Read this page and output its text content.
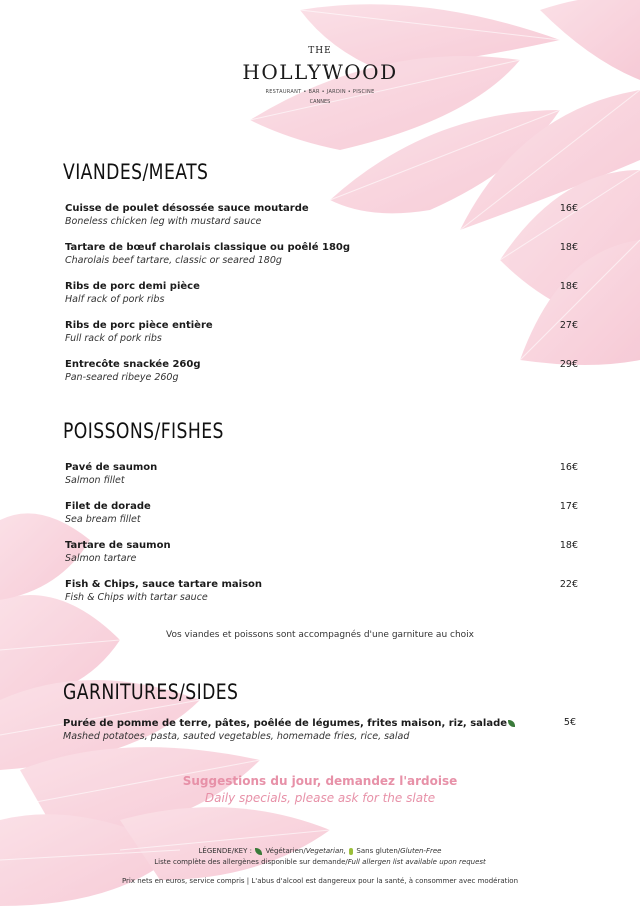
THE
HOLLYWOOD
RESTAURANT • BAR • JARDIN • PISCINE
CANNES
VIANDES/MEATS
Cuisse de poulet désossée sauce moutarde
Boneless chicken leg with mustard sauce
16€
Tartare de bœuf charolais classique ou poêlé 180g
Charolais beef tartare, classic or seared 180g
18€
Ribs de porc demi pièce
Half rack of pork ribs
18€
Ribs de porc pièce entière
Full rack of pork ribs
27€
Entrecôte snackée 260g
Pan-seared ribeye 260g
29€
POISSONS/FISHES
Pavé de saumon
Salmon fillet
16€
Filet de dorade
Sea bream fillet
17€
Tartare de saumon
Salmon tartare
18€
Fish & Chips, sauce tartare maison
Fish & Chips with tartar sauce
22€
Vos viandes et poissons sont accompagnés d'une garniture au choix
GARNITURES/SIDES
Purée de pomme de terre, pâtes, poêlée de légumes, frites maison, riz, salade
Mashed potatoes, pasta, sauted vegetables, homemade fries, rice, salad
5€
Suggestions du jour, demandez l'ardoise
Daily specials, please ask for the slate
LÉGENDE/KEY : Végétarien/Vegetarian, Sans gluten/Gluten-Free
Liste complète des allergènes disponible sur demande/Full allergen list available upon request
Prix nets en euros, service compris | L'abus d'alcool est dangereux pour la santé, à consommer avec modération
